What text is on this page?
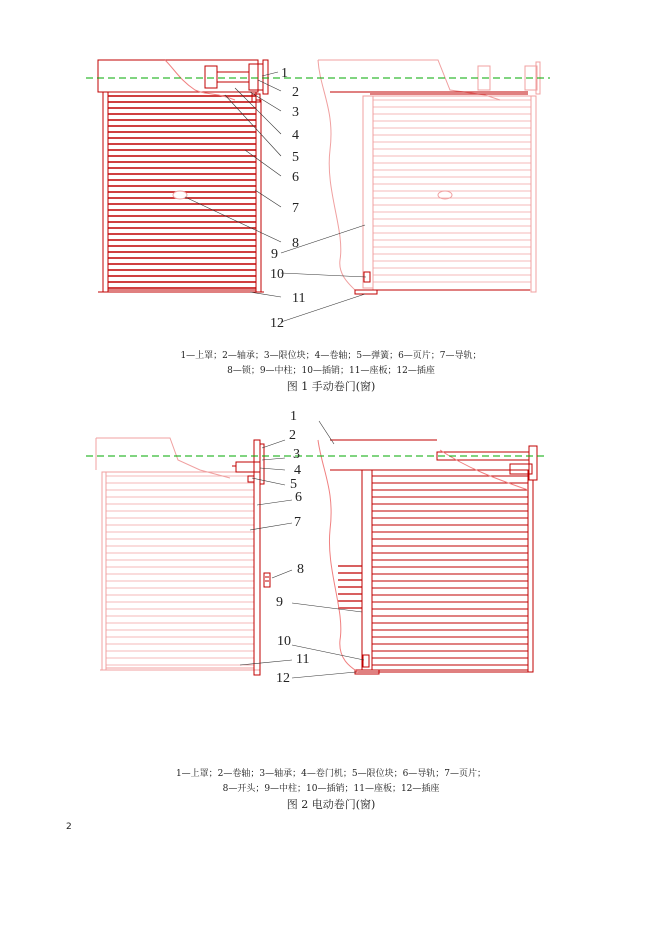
1
2
3
4
5
6
7
8
9
10
11
12
1
2
3
4
5
6
7
8
9
10
11
12
1—上罩；2—轴承；3—限位块；4—卷轴；5—弹簧；6—页片；7—导轨；
8—锁；9—中柱；10—插销；11—座板；12—插座
图 1 手动卷门(窗)
1—上罩；2—卷轴；3—轴承；4—卷门机；5—限位块；6—导轨；7—页片；
8—开头；9—中柱；10—插销；11—座板；12—插座
图 2 电动卷门(窗)
2
